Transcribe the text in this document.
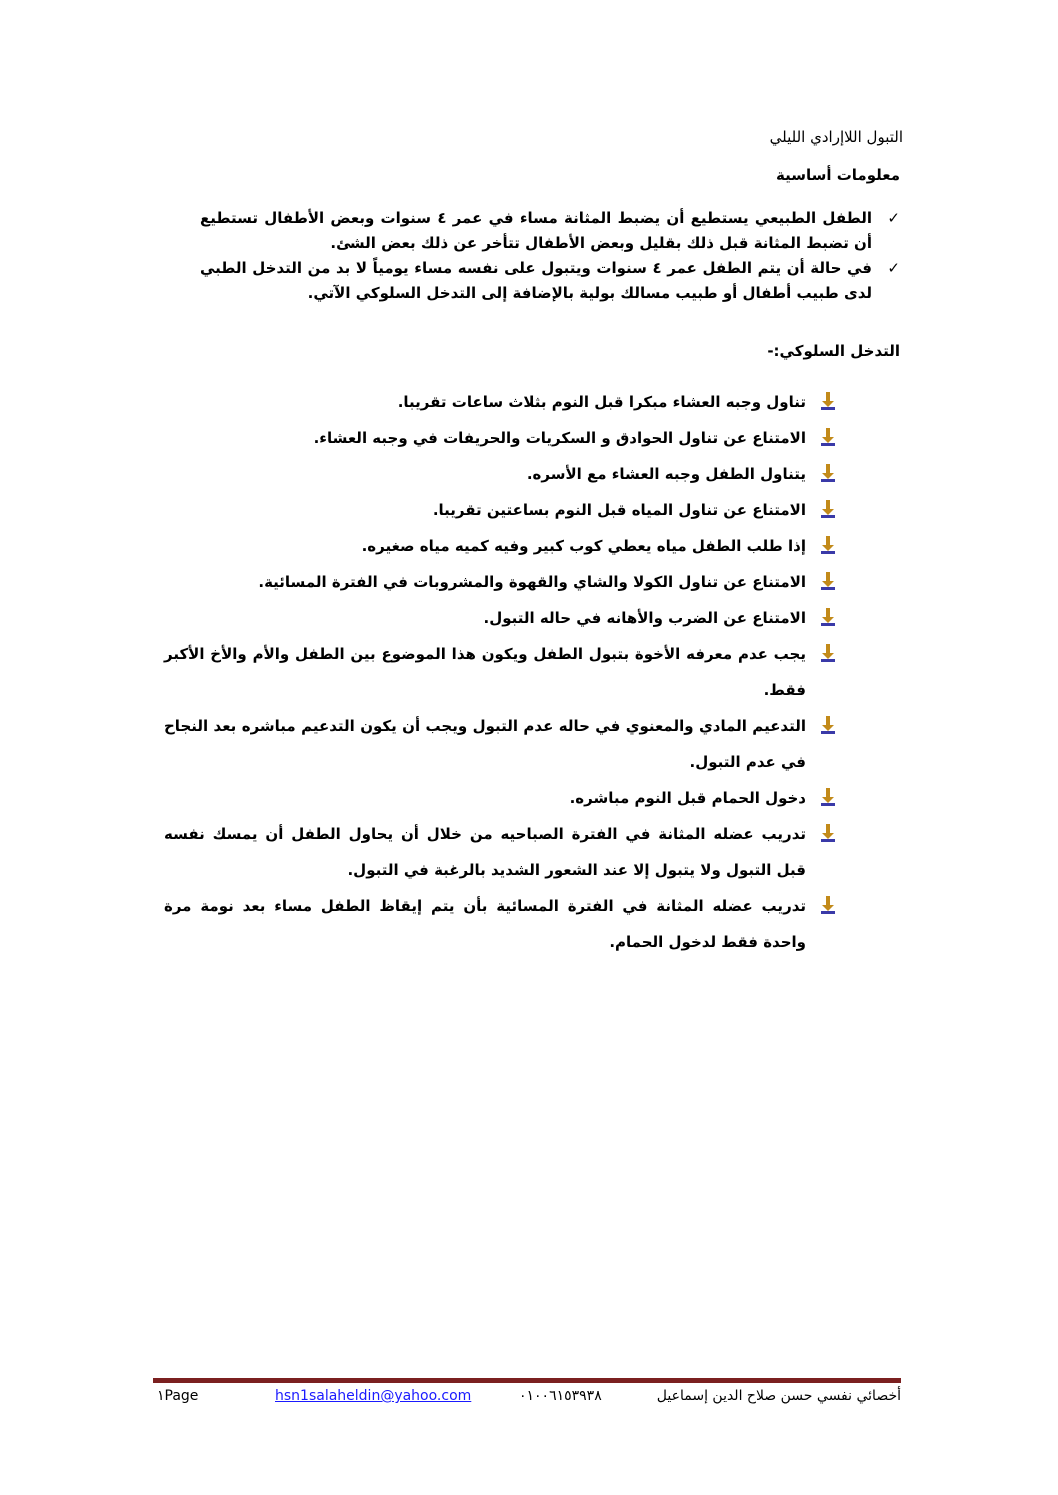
التبول اللاإرادي الليلي
معلومات أساسية
✓
الطفل الطبيعي يستطيع أن يضبط المثانة مساء في عمر ٤ سنوات وبعض الأطفال تستطيع أن تضبط المثانة قبل ذلك بقليل وبعض الأطفال تتأخر عن ذلك بعض الشئ.
✓
في حالة أن يتم الطفل عمر ٤ سنوات ويتبول على نفسه مساء يومياً لا بد من التدخل الطبي لدى طبيب أطفال أو طبيب مسالك بولية بالإضافة إلى التدخل السلوكي الآتي.
التدخل السلوكي:-
تناول وجبه العشاء مبكرا قبل النوم بثلاث ساعات تقريبا.
الامتناع عن تناول الحوادق و السكريات والحريفات في وجبه العشاء.
يتناول الطفل وجبه العشاء مع الأسره.
الامتناع عن تناول المياه قبل النوم بساعتين تقريبا.
إذا طلب الطفل مياه يعطي كوب كبير وفيه كميه مياه صغيره.
الامتناع عن تناول الكولا والشاي والقهوة والمشروبات في الفترة المسائية.
الامتناع عن الضرب والأهانه في حاله التبول.
يجب عدم معرفه الأخوة بتبول الطفل ويكون هذا الموضوع بين الطفل والأم والأخ الأكبر فقط.
التدعيم المادي والمعنوي في حاله عدم التبول ويجب أن يكون التدعيم مباشره بعد النجاح في عدم التبول.
دخول الحمام قبل النوم مباشره.
تدريب عضله المثانة في الفترة الصباحيه من خلال أن يحاول الطفل أن يمسك نفسه قبل التبول ولا يتبول إلا عند الشعور الشديد بالرغبة في التبول.
تدريب عضله المثانة في الفترة المسائية بأن يتم إيقاظ الطفل مساء بعد نومة مرة واحدة فقط لدخول الحمام.
١Page	hsn1salaheldin@yahoo.com	٠١٠٠٦١٥٣٩٣٨	أخصائي نفسي حسن صلاح الدين إسماعيل
